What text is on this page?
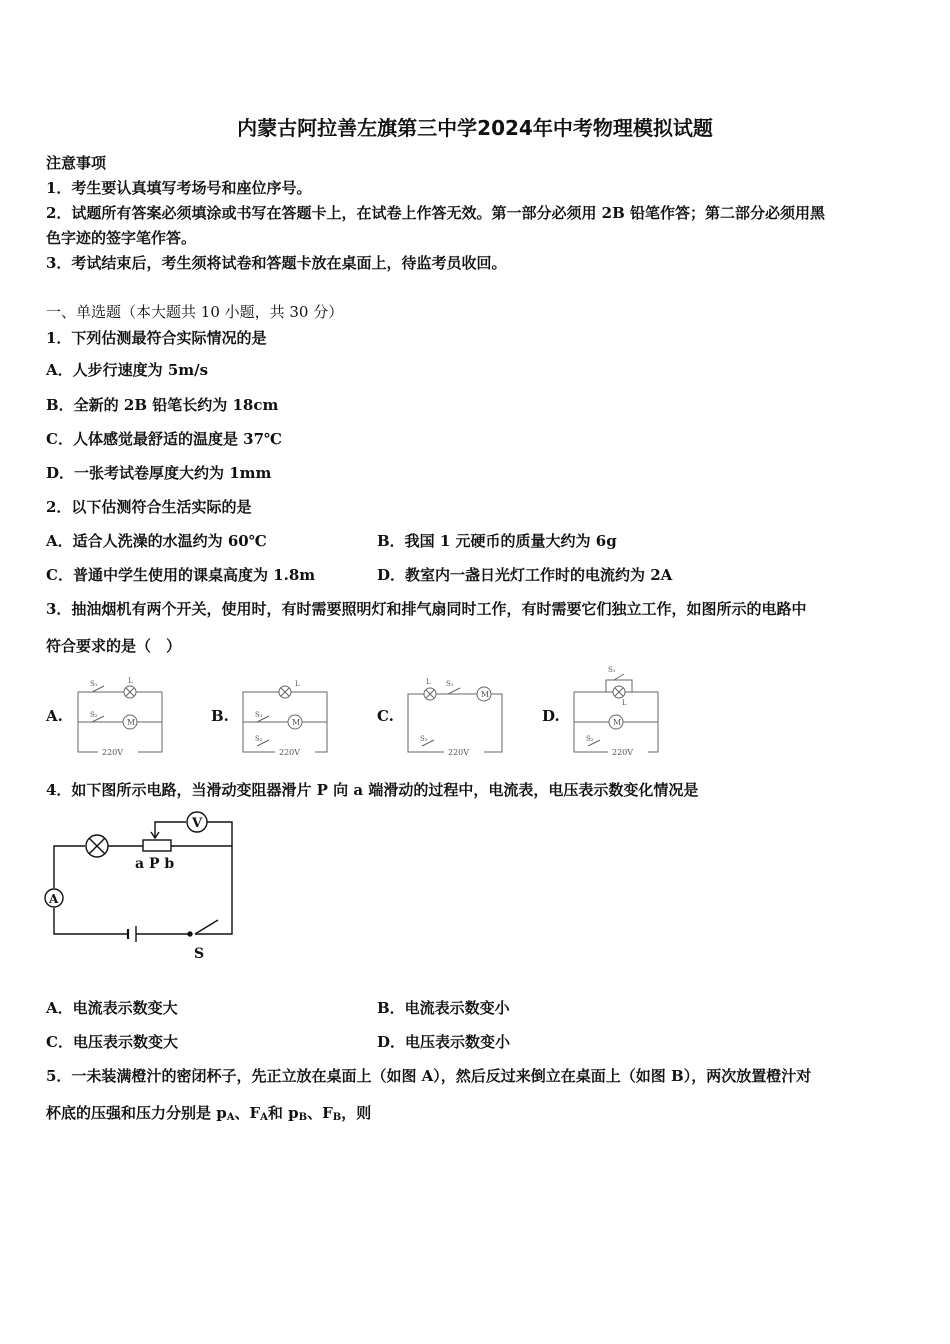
内蒙古阿拉善左旗第三中学2024年中考物理模拟试题
注意事项
1．考生要认真填写考场号和座位序号。
2．试题所有答案必须填涂或书写在答题卡上，在试卷上作答无效。第一部分必须用 2B 铅笔作答；第二部分必须用黑
色字迹的签字笔作答。
3．考试结束后，考生须将试卷和答题卡放在桌面上，待监考员收回。
一、单选题（本大题共 10 小题，共 30 分）
1．下列估测最符合实际情况的是
A．人步行速度为 5m/s
B．全新的 2B 铅笔长约为 18cm
C．人体感觉最舒适的温度是 37℃
D．一张考试卷厚度大约为 1mm
2．以下估测符合生活实际的是
A．适合人洗澡的水温约为 60℃	B．我国 1 元硬币的质量大约为 6g
C．普通中学生使用的课桌高度为 1.8m	D．教室内一盏日光灯工作时的电流约为 2A
3．抽油烟机有两个开关，使用时，有时需要照明灯和排气扇同时工作，有时需要它们独立工作，如图所示的电路中
符合要求的是（　）
A.	B.	C.	D.
M
L
S₁
S₂
220V
M
L
S₁
S₂
220V
M
L S₁
S₂
220V
M
L
S₁
S₂
220V
4．如下图所示电路，当滑动变阻器滑片 P 向 a 端滑动的过程中，电流表，电压表示数变化情况是
V
A
a P b
S
A．电流表示数变大	B．电流表示数变小
C．电压表示数变大	D．电压表示数变小
5．一未装满橙汁的密闭杯子，先正立放在桌面上（如图 A），然后反过来倒立在桌面上（如图 B），两次放置橙汁对
杯底的压强和压力分别是 $p_A$、$F_A$和 $p_B$、$F_B$，则
